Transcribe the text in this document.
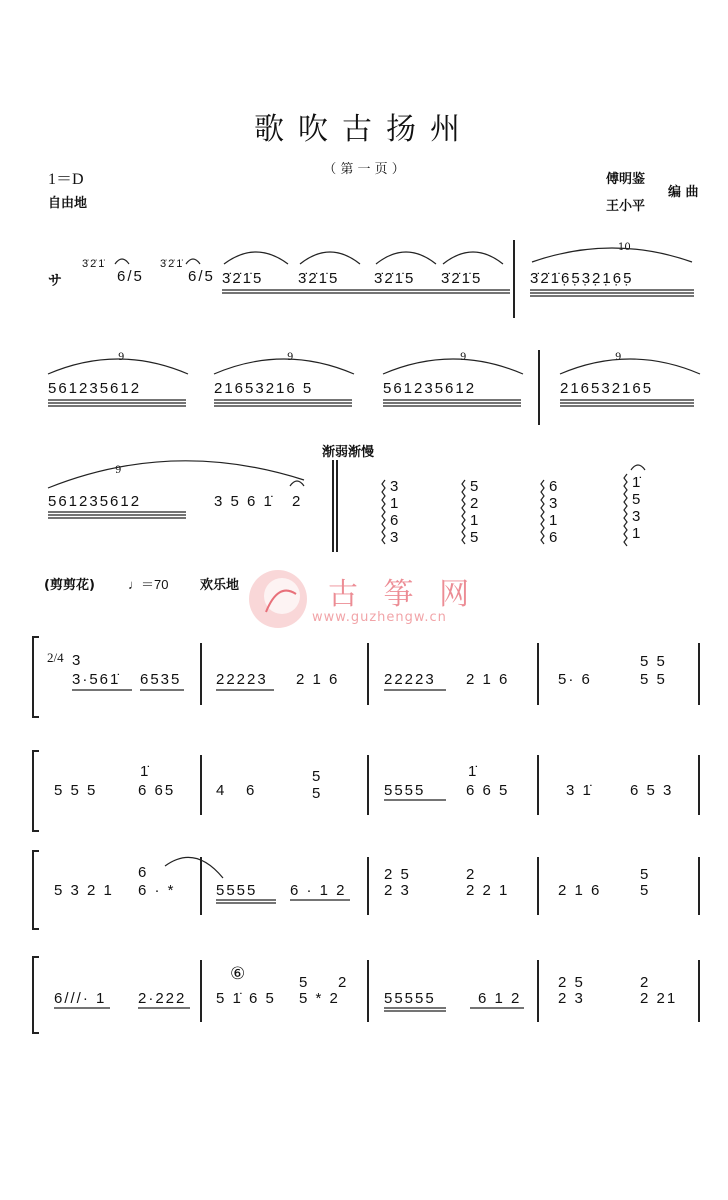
歌吹古扬州
（ 第 一 页 ）
1＝D
自由地
傅明鉴
王小平
编 曲
古 筝 网
www.guzhengw.cn
サ
3̇2̇1̇
6/5
3̇2̇1̇
6/5 3̇2̇1̇5 3̇2̇1̇5 3̇2̇1̇5 3̇2̇1̇5	3̇2̇1̇6̣5̣3̣2̣1̣6̣5̣
10
561235612
9
21653216 5
9
561235612
9
216532165
9
561235612
9
3 5 6 1̇ 2
渐弱渐慢
3 1 6 3
5 2 1 5
6 3 1 6
1̇ 5 3 1
(剪剪花)	♩＝70 欢乐地
2/4 3
3·561̇ 6535 22223 2 1 6	22223 2 1 6	5· 6	5 5
5 5
5 5 5
1̇
6 65	4 6
5
5	5555
1̇
6 6 5	3 1̇ 6 5 3
5 3 2 1
6
6 · *	5555 6 · 1 2
2 5
2 3
2
2 2 1	2 1 6
5
5
6///· 1 2·222
⑥
5 1̇ 6 5
5 2
5 * 2	55555	6 1 2
2 5
2 3
2
2 21
